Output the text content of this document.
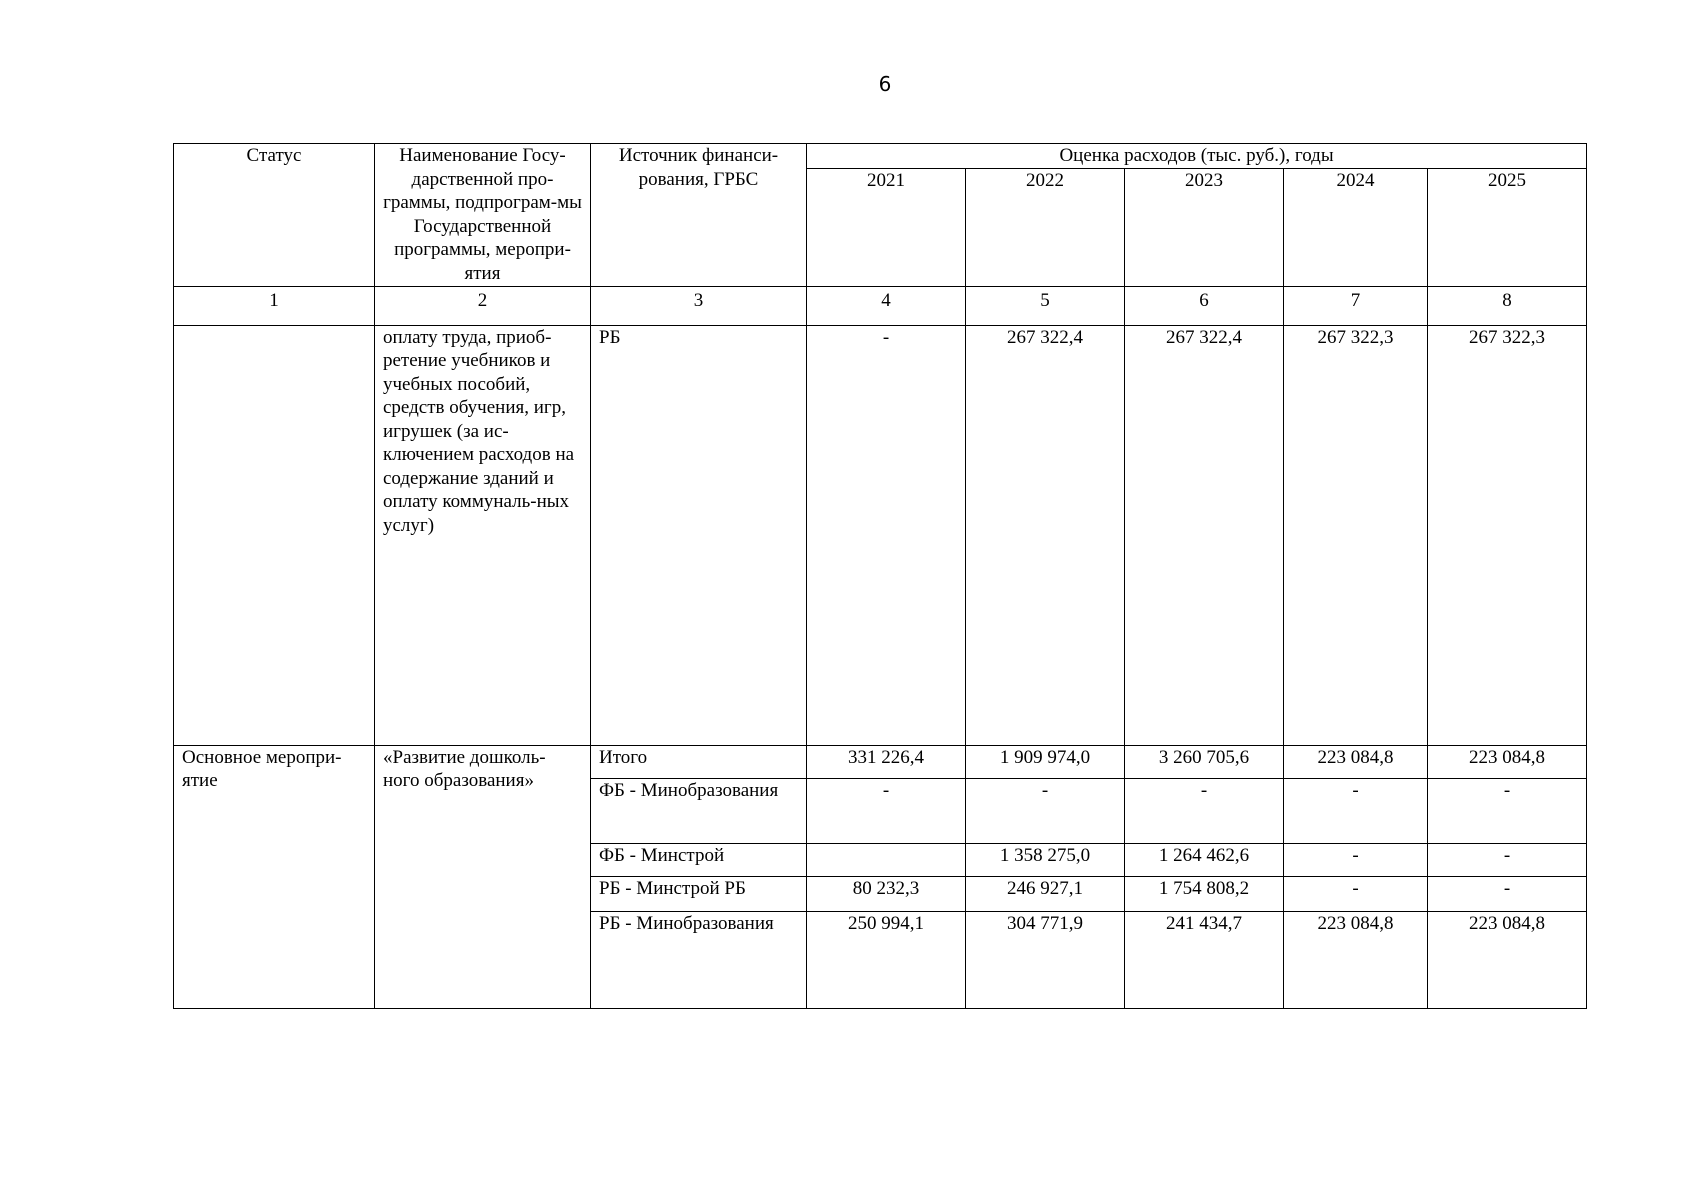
6
Статус	Наименование Госу-дарственной про-граммы, подпрограм-мы Государственной программы, меропри-ятия	Источник финанси-рования, ГРБС	Оценка расходов (тыс. руб.), годы				
			2021	2022	2023	2024	2025
1	2	3	4	5	6	7	8
	оплату труда, приоб-ретение учебников и учебных пособий, средств обучения, игр, игрушек (за ис-ключением расходов на содержание зданий и оплату коммуналь-ных услуг)	РБ	-	267 322,4	267 322,4	267 322,3	267 322,3
Основное меропри-ятие	«Развитие дошколь-ного образования»	Итого	331 226,4	1 909 974,0	3 260 705,6	223 084,8	223 084,8
		ФБ - Минобразования	-	-	-	-	-
		ФБ - Минстрой		1 358 275,0	1 264 462,6	-	-
		РБ - Минстрой РБ	80 232,3	246 927,1	1 754 808,2	-	-
		РБ - Минобразования	250 994,1	304 771,9	241 434,7	223 084,8	223 084,8
